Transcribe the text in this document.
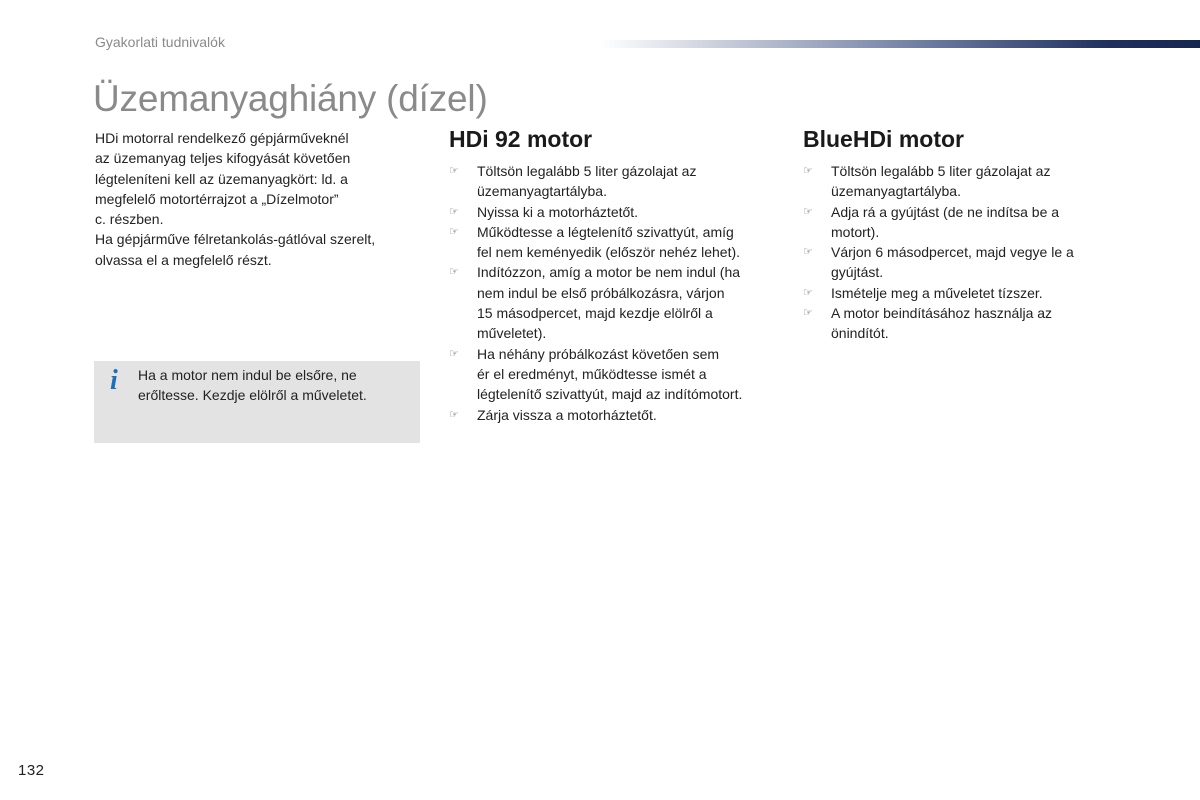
Gyakorlati tudnivalók
Üzemanyaghiány (dízel)

HDi motorral rendelkező gépjárműveknél

az üzemanyag teljes kifogyását követően

légteleníteni kell az üzemanyagkört: ld. a

megfelelő motortérrajzot a „Dízelmotor”

c. részben.

Ha gépjárműve félretankolás-gátlóval szerelt,

olvassa el a megfelelő részt.

i Ha a motor nem indul be elsőre, ne
erőltesse. Kezdje elölről a műveletet.
HDi 92 motor
☞ Töltsön legalább 5 liter gázolajat az
üzemanyagtartályba.
☞ Nyissa ki a motorháztetőt.
☞ Működtesse a légtelenítő szivattyút, amíg
fel nem keményedik (először nehéz lehet).
☞ Indítózzon, amíg a motor be nem indul (ha
nem indul be első próbálkozásra, várjon
15 másodpercet, majd kezdje elölről a
műveletet).
☞ Ha néhány próbálkozást követően sem
ér el eredményt, működtesse ismét a
légtelenítő szivattyút, majd az indítómotort.
☞ Zárja vissza a motorháztetőt.
BlueHDi motor
☞ Töltsön legalább 5 liter gázolajat az
üzemanyagtartályba.
☞ Adja rá a gyújtást (de ne indítsa be a
motort).
☞ Várjon 6 másodpercet, majd vegye le a
gyújtást.
☞ Ismételje meg a műveletet tízszer.
☞ A motor beindításához használja az
önindítót.
132
